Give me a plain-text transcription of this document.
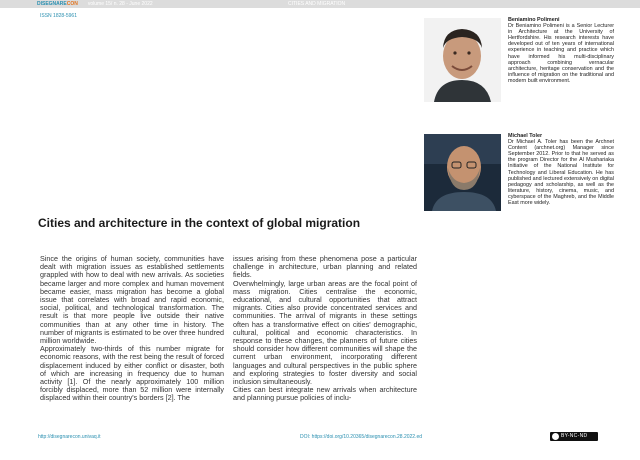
DISEGNARECON volume 15/ n. 28 - June 2022	CITIES AND MIGRATION
ISSN 1828-5961
Beniamino Polimeni
Dr Beniamino Polimeni is a Senior Lecturer in Architecture at the University of Hertfordshire. His research interests have developed out of ten years of international experience in teaching and practice which have informed his multi-disciplinary approach combining vernacular architecture, heritage conservation and the influence of migration on the traditional and modern built environment.
Michael Toler
Dr Michael A. Toler has been the Archnet Content (archnet.org) Manager since September 2012. Prior to that he served as the program Director for the Al Mushariaka Initiative of the National Institute for Technology and Liberal Education. He has published and lectured extensively on digital pedagogy and scholarship, as well as the literature, history, cinema, music, and cyberspace of the Maghreb, and the Middle East more widely.
Cities and architecture in the context of global migration

Since the origins of human society, communities have dealt with migration issues as established settlements grappled with how to deal with new arrivals. As societies became larger and more complex and human movement became easier, mass migration has become a global issue that correlates with broad and rapid economic, social, political, and technological transformation. The result is that more people live outside their native communities than at any other time in history. The number of migrants is estimated to be over three hundred million worldwide.

Approximately two-thirds of this number migrate for economic reasons, with the rest being the result of forced displacement induced by either conflict or disaster, both of which are increasing in frequency due to human activity [1]. Of the nearly approximately 100 million forcibly displaced, more than 52 million were internally displaced within their country's borders [2]. The

issues arising from these phenomena pose a particular challenge in architecture, urban planning and related fields.

Overwhelmingly, large urban areas are the focal point of mass migration. Cities centralise the economic, educational, and cultural opportunities that attract migrants. Cities also provide concentrated services and communities. The arrival of migrants in these settings often has a transformative effect on cities' demographic, cultural, political and economic characteristics. In response to these changes, the planners of future cities should consider how different communities will shape the current urban environment, incorporating different languages and cultural perspectives in the public sphere and exploring strategies to foster diversity and social inclusion simultaneously.

Cities can best integrate new arrivals when architecture and planning pursue policies of inclu-

http://disegnarecon.univaq.it	DOI: https://doi.org/10.20365/disegnarecon.28.2022.ed	BY-NC-ND
